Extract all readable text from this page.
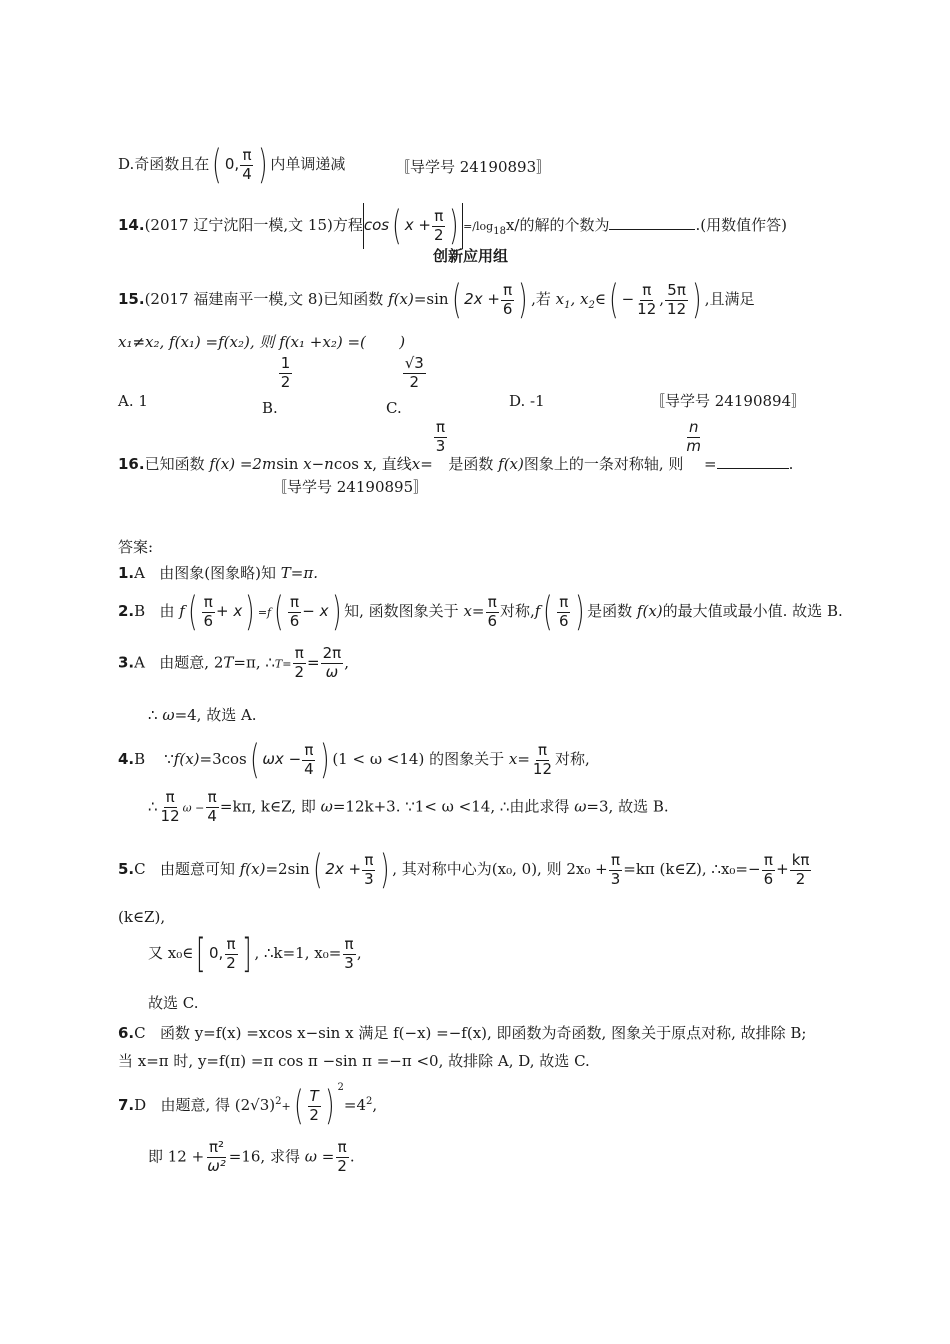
D.奇函数且在( 0, $\frac{\pi}{4}$ ) 内单调递减	〚导学号 24190893〛
14.(2017 辽宁沈阳一模,文 15)方程cos( $x + \frac{\pi}{2}$ ) $=/\log_{18}x/$的解的个数为	.(用数值作答)
创新应用组
15.(2017 福建南平一模,文 8)已知函数 f(x)=sin( $2x + \frac{\pi}{6}$ ) ,若 $x_1$, $x_2\in( - \frac{\pi}{12}$ , $\frac{5\pi}{12}$ ) ,且满足
x₁≠x₂, f(x₁) =f(x₂), 则 f(x₁ +x₂) =(       )
A. 1	B.
$\frac{1}{2}$
C.
$\frac{√3}{2}$
D. -1	〚导学号 24190894〛
16.已知函数 f(x) =2msin x−ncos x, 直线x=
$\frac{\pi}{3}$
是函数 f(x)图象上的一条对称轴, 则
$\frac{n}{m}$
=	.
〚导学号 24190895〛
答案:
1.A 由图象(图象略)知 T=π.
2.B 由 $f( \frac{\pi}{6} + x) =f( \frac{\pi}{6} - x)$ 知, 函数图象关于 $x= \frac{\pi}{6}$ 对称$,f( \frac{\pi}{6}$ ) 是函数 f(x)的最大值或最小值. 故选 B.
3.A 由题意, 2T=π, ∴T= $\frac{\pi}{2} = \frac{2\pi}{\omega}$ ,
∴ ω=4, 故选 A.
4.B ∵f(x)=3cos( $\omega x - \frac{\pi}{4}$ ) (1 < ω <14) 的图象关于 $x= \frac{\pi}{12}$ 对称,
∴ $\frac{\pi}{12}$ $\omega - \frac{\pi}{4} =k\pi$, k∈Z, 即 ω=12k+3. ∵1< ω <14, ∴由此求得 ω=3, 故选 B.
5.C 由题意可知 f(x)=2sin( $2x + \frac{\pi}{3}$ ) , 其对称中心为(x₀, 0), 则 $2x_0 + \frac{\pi}{3} =k\pi$ (k∈Z), ∴x₀=− $\frac{\pi}{6} + \frac{k\pi}{2}$
(k∈Z),
又 x₀∈[ 0, $\frac{\pi}{2}$ ] , ∴k=1, $x_0= \frac{\pi}{3}$ ,
故选 C.
6.C 函数 y=f(x) =xcos x−sin x 满足 f(−x) =−f(x), 即函数为奇函数, 图象关于原点对称, 故排除 B;
当 x=π 时, y=f(π) =π cos π −sin π =−π <0, 故排除 A, D, 故选 C.
7.D 由题意, 得 $(2√3)^2+( \frac{T}{2}$ ) $^2=4^2$,
即 $12 + \frac{\text{π²}}{\text{ω²}} =16$, 求得 $\omega = \frac{\pi}{2}$ .
